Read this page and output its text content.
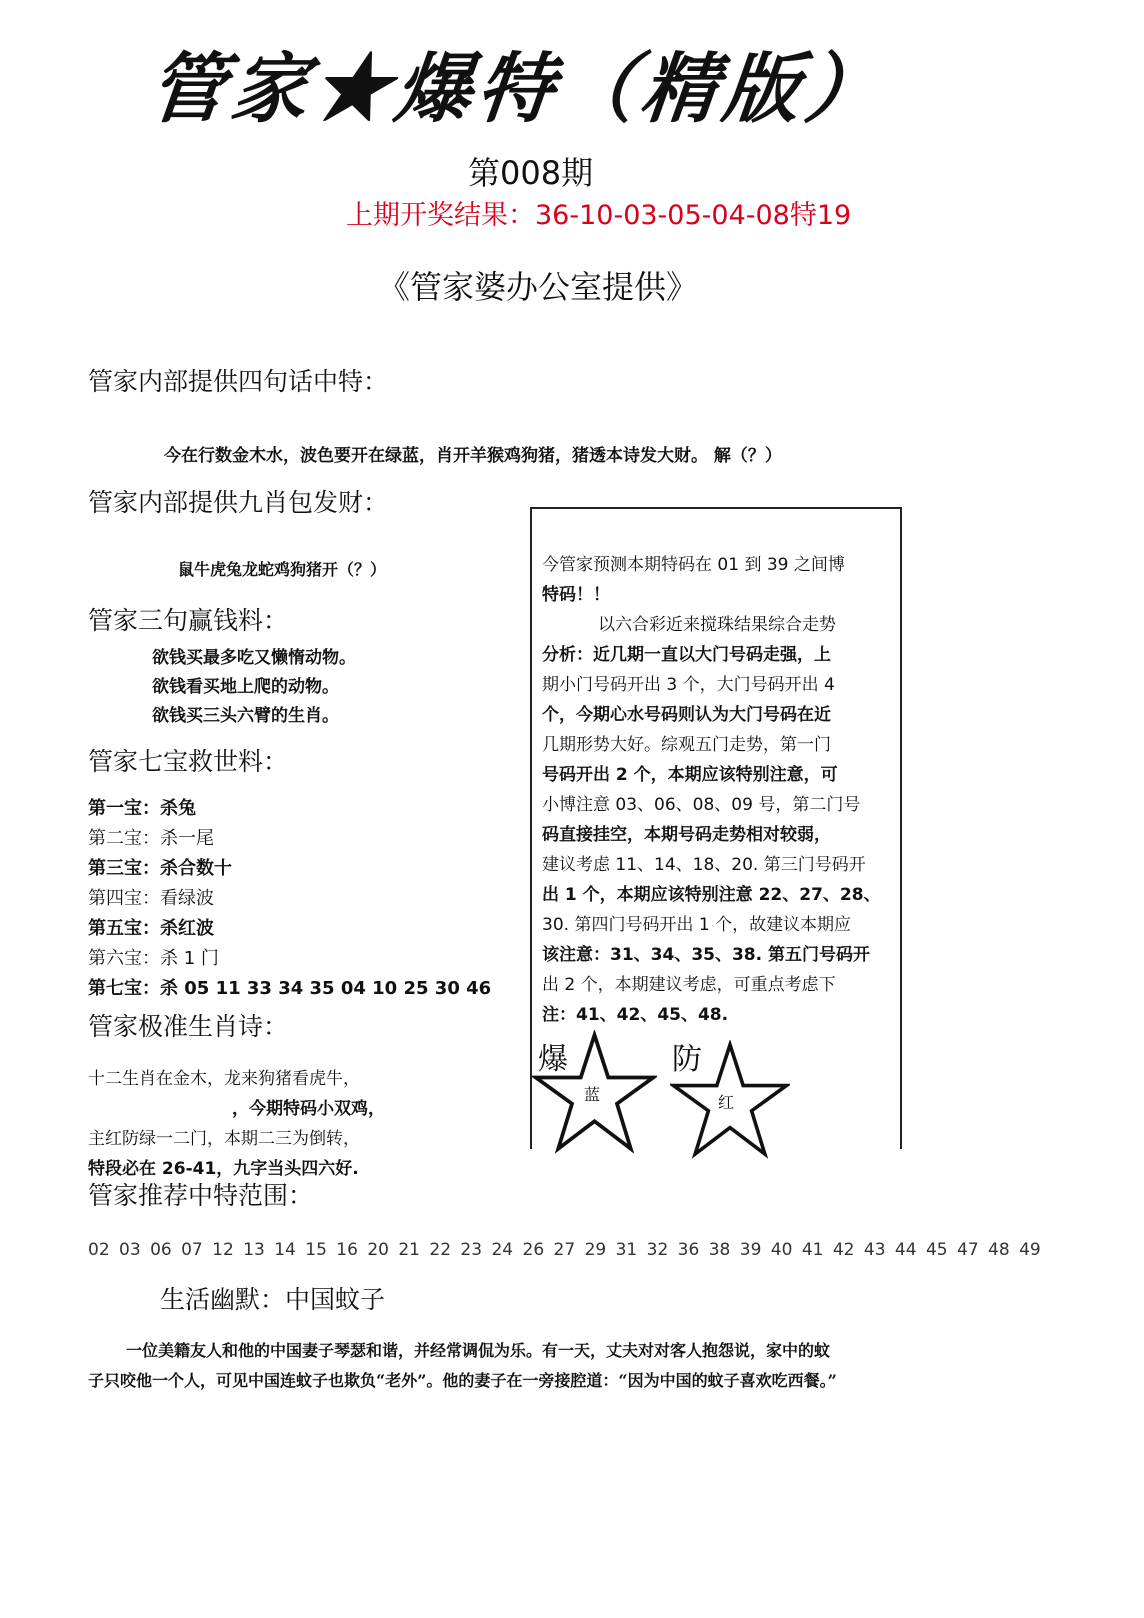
管家★爆特（精版）
第008期
上期开奖结果：36-10-03-05-04-08特19
《管家婆办公室提供》
管家内部提供四句话中特：
今在行数金木水，波色要开在绿蓝，肖开羊猴鸡狗猪，猪透本诗发大财。 解（？）
管家内部提供九肖包发财：
鼠牛虎兔龙蛇鸡狗猪开（？）
管家三句赢钱料：
欲钱买最多吃又懒惰动物。
欲钱看买地上爬的动物。
欲钱买三头六臂的生肖。
管家七宝救世料：
第一宝：杀兔
第二宝：杀一尾
第三宝：杀合数十
第四宝：看绿波
第五宝：杀红波
第六宝：杀 1 门
第七宝：杀 05 11 33 34 35 04 10 25 30 46
管家极准生肖诗：
十二生肖在金木，龙来狗猪看虎牛，
，今期特码小双鸡，
主红防绿一二门，本期二三为倒转，
特段必在 26-41，九字当头四六好.
管家推荐中特范围：
02 03 06 07 12 13 14 15 16 20 21 22 23 24 26 27 29 31 32 36 38 39 40 41 42 43 44 45 47 48 49
生活幽默：中国蚊子
一位美籍友人和他的中国妻子琴瑟和谐，并经常调侃为乐。有一天，丈夫对对客人抱怨说，家中的蚊
子只咬他一个人，可见中国连蚊子也欺负“老外”。他的妻子在一旁接腔道：“因为中国的蚊子喜欢吃西餐。”
今管家预测本期特码在 01 到 39 之间博
特码！！
以六合彩近来搅珠结果综合走势
分析：近几期一直以大门号码走强，上
期小门号码开出 3 个，大门号码开出 4
个，今期心水号码则认为大门号码在近
几期形势大好。综观五门走势，第一门
号码开出 2 个，本期应该特别注意，可
小博注意 03、06、08、09 号，第二门号
码直接挂空，本期号码走势相对较弱，
建议考虑 11、14、18、20. 第三门号码开
出 1 个，本期应该特别注意 22、27、28、
30. 第四门号码开出 1 个，故建议本期应
该注意：31、34、35、38. 第五门号码开
出 2 个，本期建议考虑，可重点考虑下
注：41、42、45、48.
爆
蓝
防
红
